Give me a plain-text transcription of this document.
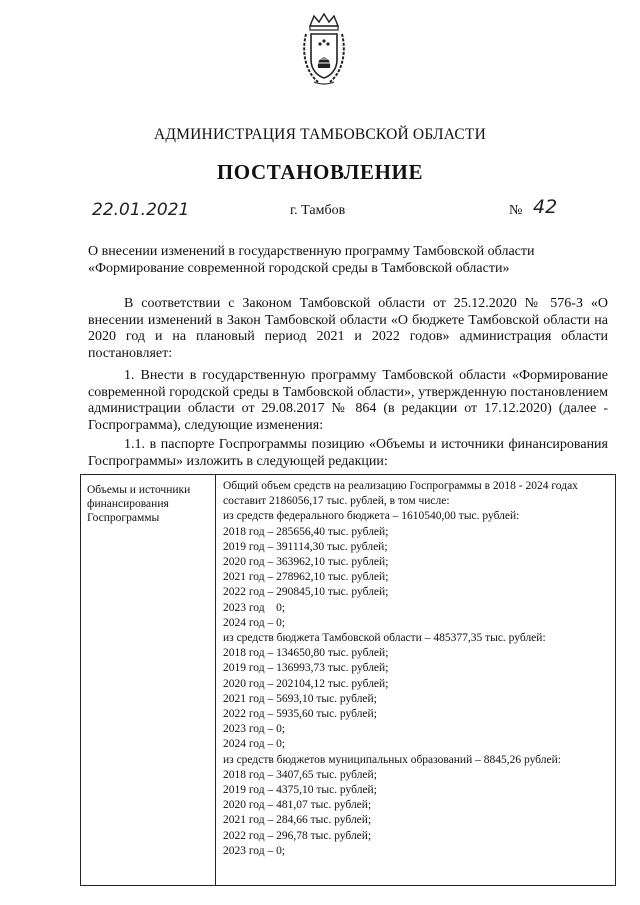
АДМИНИСТРАЦИЯ ТАМБОВСКОЙ ОБЛАСТИ
ПОСТАНОВЛЕНИЕ
22.01.2021	г. Тамбов	№ 42
О внесении изменений в государственную программу Тамбовской области
«Формирование современной городской среды в Тамбовской области»
В соответствии с Законом Тамбовской области от 25.12.2020 № 576-З «О внесении изменений в Закон Тамбовской области «О бюджете Тамбовской области на 2020 год и на плановый период 2021 и 2022 годов» администрация области постановляет:
1. Внести в государственную программу Тамбовской области «Формирование современной городской среды в Тамбовской области», утвержденную постановлением администрации области от 29.08.2017 № 864 (в редакции от 17.12.2020) (далее - Госпрограмма), следующие изменения:
1.1. в паспорте Госпрограммы позицию «Объемы и источники финансирования Госпрограммы» изложить в следующей редакции:
Объемы и источники финансирования Госпрограммы
Общий объем средств на реализацию Госпрограммы в 2018 - 2024 годах составит 2186056,17 тыс. рублей, в том числе:
из средств федерального бюджета – 1610540,00 тыс. рублей:
2018 год – 285656,40 тыс. рублей;
2019 год – 391114,30 тыс. рублей;
2020 год – 363962,10 тыс. рублей;
2021 год – 278962,10 тыс. рублей;
2022 год – 290845,10 тыс. рублей;
2023 год    0;
2024 год – 0;
из средств бюджета Тамбовской области – 485377,35 тыс. рублей:
2018 год – 134650,80 тыс. рублей;
2019 год – 136993,73 тыс. рублей;
2020 год – 202104,12 тыс. рублей;
2021 год – 5693,10 тыс. рублей;
2022 год – 5935,60 тыс. рублей;
2023 год – 0;
2024 год – 0;
из средств бюджетов муниципальных образований – 8845,26 рублей:
2018 год – 3407,65 тыс. рублей;
2019 год – 4375,10 тыс. рублей;
2020 год – 481,07 тыс. рублей;
2021 год – 284,66 тыс. рублей;
2022 год – 296,78 тыс. рублей;
2023 год – 0;
